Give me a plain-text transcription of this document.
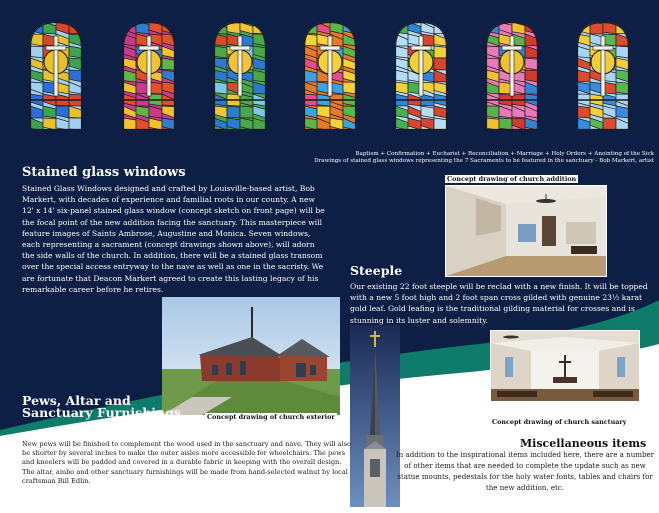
Baptism + Confirmation + Eucharist + Reconciliation + Marriage + Holy Orders + Anointing of the Sick
Drawings of stained glass windows representing the 7 Sacraments to be featured in the sanctuary - Bob Markert, artist
Stained glass windows

Stained Glass Windows designed and crafted by Louisville-based artist, Bob Markert, with decades of experience and familial roots in our county. A new 12' x 14' six-panel stained glass window (concept sketch on front page) will be the focal point of the new addition facing the sanctuary. This masterpiece will feature images of Saints Ambrose, Augustine and Monica. Seven windows, each representing a sacrament (concept drawings shown above), will adorn the side walls of the church. In addition, there will be a stained glass transom over the special access entryway to the nave as well as one in the sacristy. We are fortunate that Deacon Markert agreed to create this lasting legacy of his remarkable career before he retires.

Concept drawing of church addition
Steeple

Our existing 22 foot steeple will be reclad with a new finish. It will be topped with a new 5 foot high and 2 foot span cross gilded with genuine 23½ karat gold leaf. Gold leafing is the traditional gilding material for crosses and is stunning in its luster and solemnity.

Concept drawing of church exterior
Concept drawing of church sanctuary
Pews, Altar and Sanctuary Furnishings

New pews will be finished to complement the wood used in the sanctuary and nave. They will also be shorter by several inches to make the outer aisles more accessible for wheelchairs. The pews and kneelers will be padded and covered in a durable fabric in keeping with the overall design. The altar, ambo and other sanctuary furnishings will be made from hand-selected walnut by local craftsman Bill Edlin.

Miscellaneous items

In addition to the inspirational items included here, there are a number of other items that are needed to complete the update such as new statue mounts, pedestals for the holy water fonts, tables and chairs for the new addition, etc.
